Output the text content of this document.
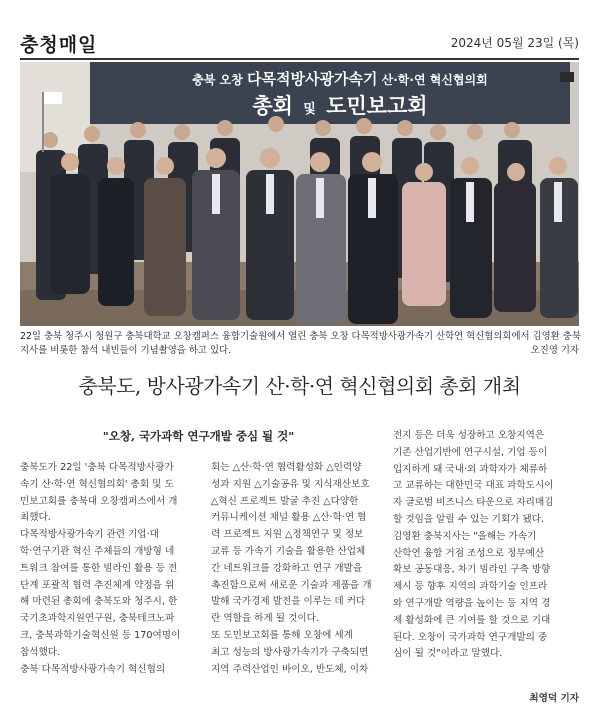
충청매일	2024년 05월 23일 (목)
충북 오창 다목적방사광가속기 산·학·연 혁신협의회
총회 및 도민보고회
22일 충북 청주시 청원구 충북대학교 오창캠퍼스 융합기술원에서 열린 충북 오창 다목적방사광가속기 산학연 혁신협의회에서 김영환 충북
지사를 비롯한 참석 내빈들이 기념촬영을 하고 있다.	오진영 기자
충북도, 방사광가속기 산·학·연 혁신협의회 총회 개최
"오창, 국가과학 연구개발 중심 될 것"

충북도가 22일 '충북 다목적방사광가

속기 산·학·연 혁신협의회' 총회 및 도

민보고회를 충북대 오창캠퍼스에서 개

최했다.

다목적방사광가속기 관련 기업·대

학·연구기관 혁신 주체들의 개방형 네

트워크 참여를 통한 빔라인 활용 등 전

단계 포괄적 협력 추진체계 약정을 위

해 마련된 총회에 충북도와 청주시, 한

국기초과학지원연구원, 충북테크노파

크, 충북과학기술혁신원 등 170여명이

참석했다.

충북 다목적방사광가속기 혁신협의

회는 △산·학·연 협력활성화 △인력양

성과 지원 △기술공유 및 지식재산보호

△혁신 프로젝트 발굴 추진 △다양한

커뮤니케이션 채널 활용 △산·학·연 협

력 프로젝트 지원 △정책연구 및 정보

교류 등 가속기 기술을 활용한 산업체

간 네트워크를 강화하고 연구 개발을

촉진함으로써 새로운 기술과 제품을 개

발해 국가경제 발전을 이루는 데 커다

란 역할을 하게 될 것이다.

또 도민보고회를 통해 오창에 세계

최고 성능의 방사광가속기가 구축되면

지역 주력산업인 바이오, 반도체, 이차

전지 등은 더욱 성장하고 오창지역은

기존 산업기반에 연구시설, 기업 등이

입지하게 돼 국내·외 과학자가 체류하

고 교류하는 대한민국 대표 과학도시이

자 글로벌 비즈니스 타운으로 자리매김

할 것임을 알릴 수 있는 기회가 됐다.

김영환 충북지사는 "올해는 가속기

산학연 융합 거점 조성으로 정부예산

확보 공동대응, 차기 빔라인 구축 방향

제시 등 향후 지역의 과학기술 인프라

와 연구개발 역량을 높이는 등 지역 경

제 활성화에 큰 기여를 할 것으로 기대

된다. 오창이 국가과학 연구개발의 중

심이 될 것"이라고 말했다.

최영덕 기자
